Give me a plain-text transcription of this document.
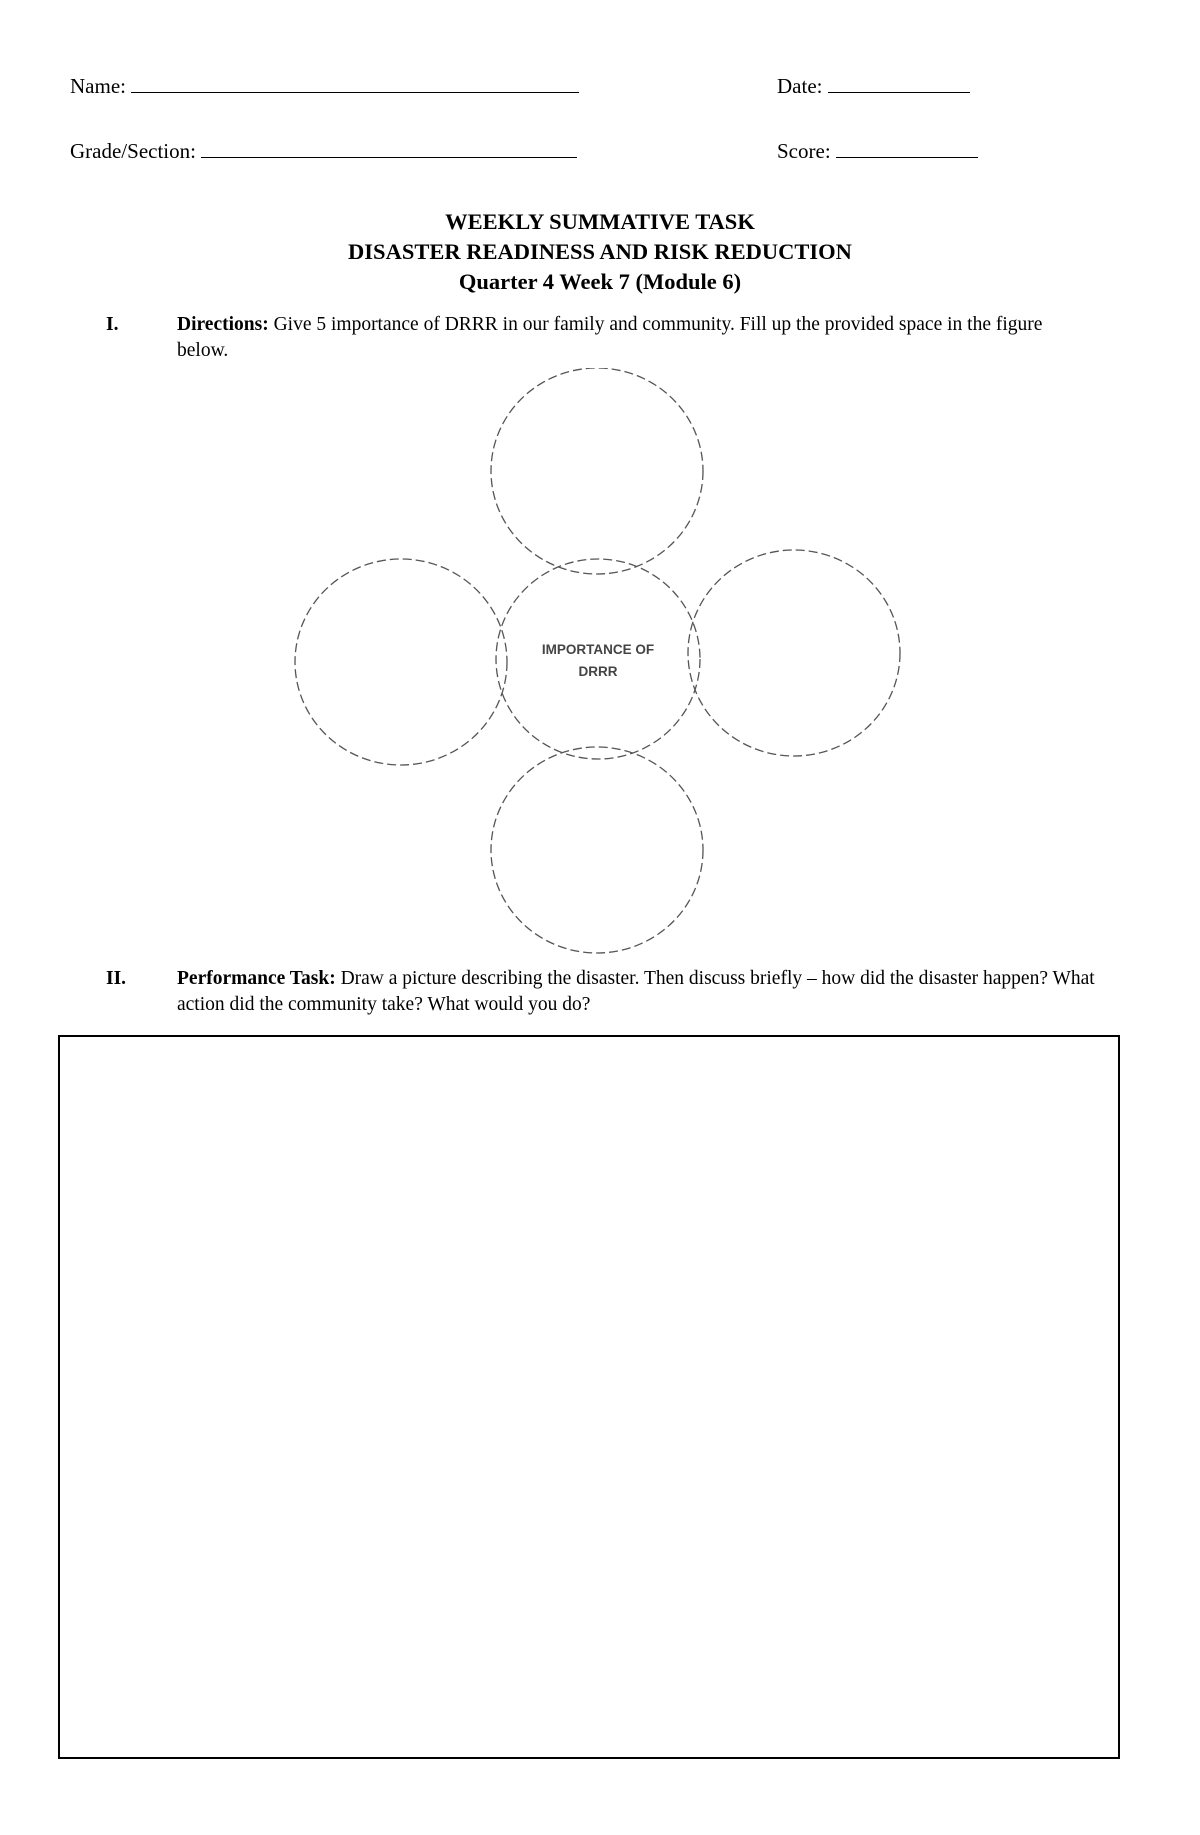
Name:	Date:
Grade/Section:	Score:
WEEKLY SUMMATIVE TASK
DISASTER READINESS AND RISK REDUCTION
Quarter 4 Week 7 (Module 6)
I.	Directions: Give 5 importance of DRRR in our family and community. Fill up the provided space in the figure below.
IMPORTANCE OF
DRRR
II.	Performance Task: Draw a picture describing the disaster. Then discuss briefly – how did the disaster happen? What action did the community take? What would you do?
